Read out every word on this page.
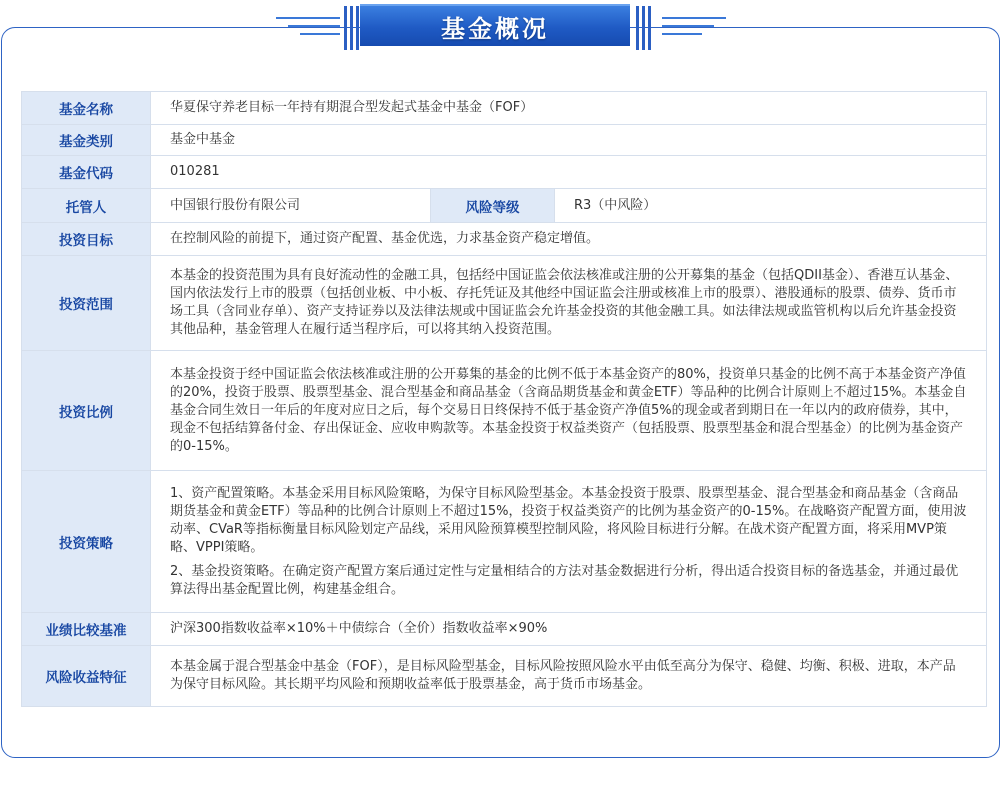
基金概况
基金名称	华夏保守养老目标一年持有期混合型发起式基金中基金（FOF）		
基金类别	基金中基金		
基金代码	010281		
托管人	中国银行股份有限公司	风险等级	R3（中风险）
投资目标	在控制风险的前提下，通过资产配置、基金优选，力求基金资产稳定增值。		
投资范围	本基金的投资范围为具有良好流动性的金融工具，包括经中国证监会依法核准或注册的公开募集的基金（包括QDII基金）、香港互认基金、国内依法发行上市的股票（包括创业板、中小板、存托凭证及其他经中国证监会注册或核准上市的股票）、港股通标的股票、债券、货币市场工具（含同业存单）、资产支持证券以及法律法规或中国证监会允许基金投资的其他金融工具。如法律法规或监管机构以后允许基金投资其他品种，基金管理人在履行适当程序后，可以将其纳入投资范围。		
投资比例	本基金投资于经中国证监会依法核准或注册的公开募集的基金的比例不低于本基金资产的80%，投资单只基金的比例不高于本基金资产净值的20%，投资于股票、股票型基金、混合型基金和商品基金（含商品期货基金和黄金ETF）等品种的比例合计原则上不超过15%。本基金自基金合同生效日一年后的年度对应日之后，每个交易日日终保持不低于基金资产净值5%的现金或者到期日在一年以内的政府债券，其中，现金不包括结算备付金、存出保证金、应收申购款等。本基金投资于权益类资产（包括股票、股票型基金和混合型基金）的比例为基金资产的0-15%。		
投资策略	1、资产配置策略。本基金采用目标风险策略，为保守目标风险型基金。本基金投资于股票、股票型基金、混合型基金和商品基金（含商品期货基金和黄金ETF）等品种的比例合计原则上不超过15%，投资于权益类资产的比例为基金资产的0-15%。在战略资产配置方面，使用波动率、CVaR等指标衡量目标风险划定产品线，采用风险预算模型控制风险，将风险目标进行分解。在战术资产配置方面，将采用MVP策略、VPPI策略。

2、基金投资策略。在确定资产配置方案后通过定性与定量相结合的方法对基金数据进行分析，得出适合投资目标的备选基金，并通过最优算法得出基金配置比例，构建基金组合。		

业绩比较基准	沪深300指数收益率×10%＋中债综合（全价）指数收益率×90%		
风险收益特征	本基金属于混合型基金中基金（FOF），是目标风险型基金，目标风险按照风险水平由低至高分为保守、稳健、均衡、积极、进取，本产品为保守目标风险。其长期平均风险和预期收益率低于股票基金，高于货币市场基金。		
